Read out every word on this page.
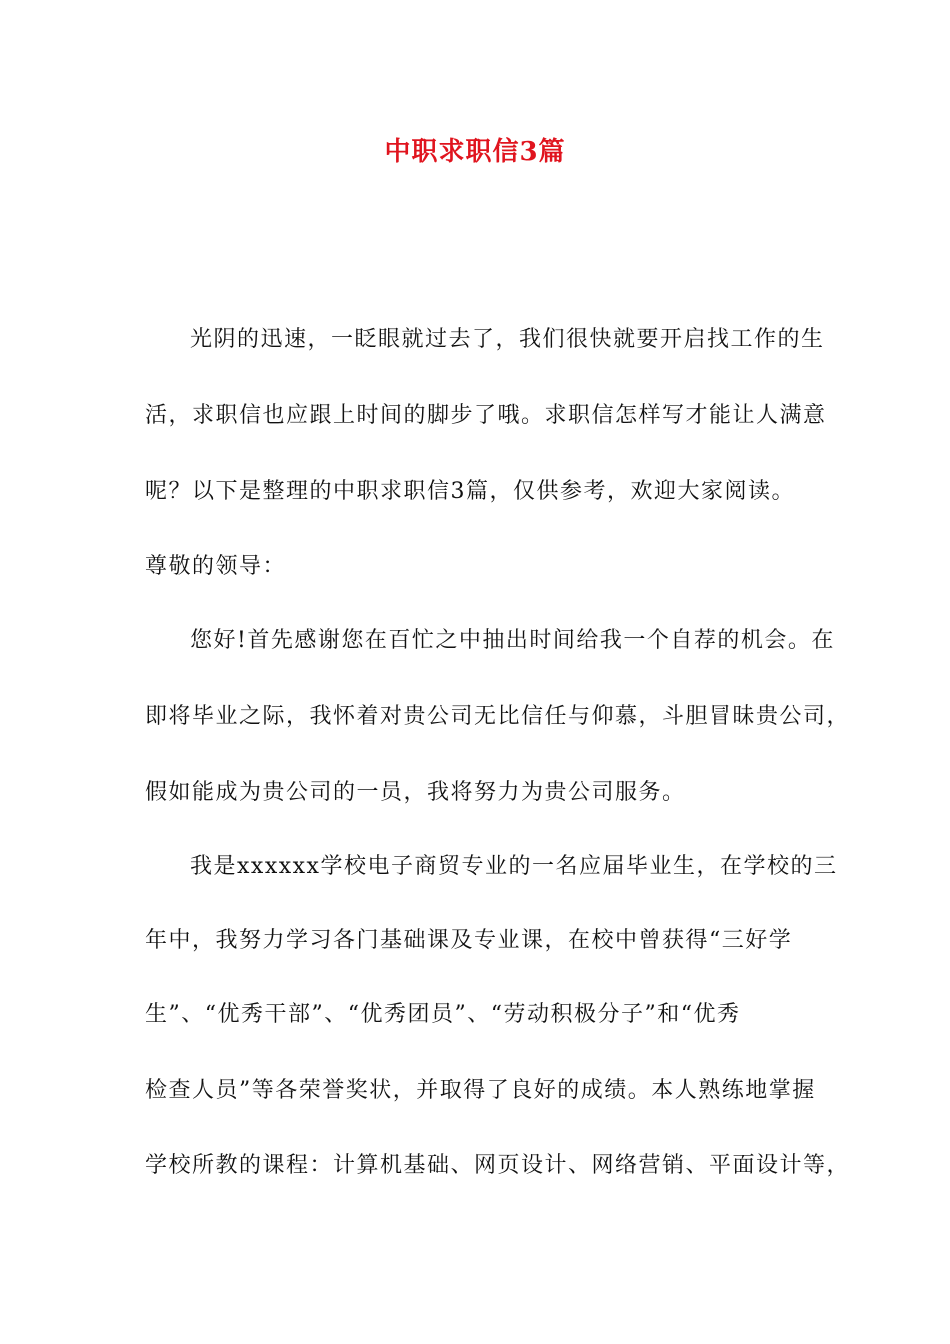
中职求职信3篇
光阴的迅速，一眨眼就过去了，我们很快就要开启找工作的生
活，求职信也应跟上时间的脚步了哦。求职信怎样写才能让人满意
呢？以下是整理的中职求职信3篇，仅供参考，欢迎大家阅读。
尊敬的领导：
您好!首先感谢您在百忙之中抽出时间给我一个自荐的机会。在
即将毕业之际，我怀着对贵公司无比信任与仰慕，斗胆冒昧贵公司，
假如能成为贵公司的一员，我将努力为贵公司服务。
我是xxxxxx学校电子商贸专业的一名应届毕业生，在学校的三
年中，我努力学习各门基础课及专业课，在校中曾获得“三好学
生”、“优秀干部”、“优秀团员”、“劳动积极分子”和“优秀
检查人员”等各荣誉奖状，并取得了良好的成绩。本人熟练地掌握
学校所教的课程：计算机基础、网页设计、网络营销、平面设计等，
